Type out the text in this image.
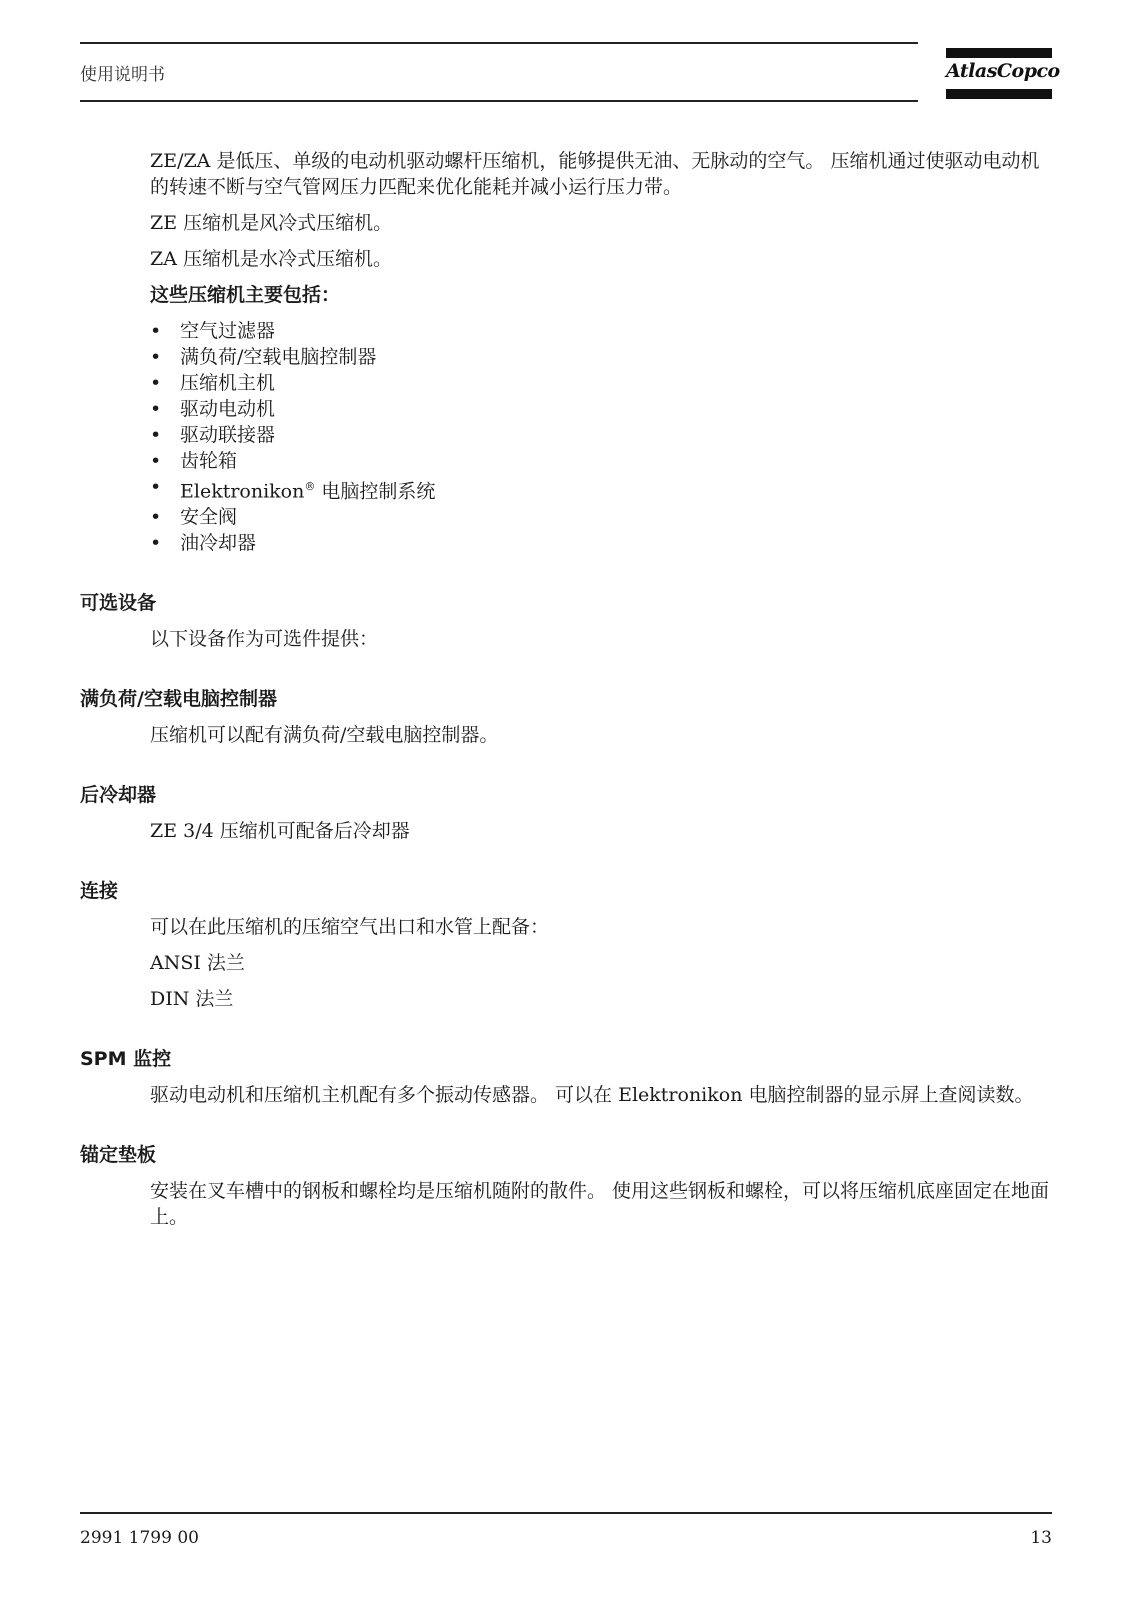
使用说明书	AtlasCopco

ZE/ZA 是低压、单级的电动机驱动螺杆压缩机，能够提供无油、无脉动的空气。 压缩机通过使驱动电动机的转速不断与空气管网压力匹配来优化能耗并减小运行压力带。

ZE 压缩机是风冷式压缩机。

ZA 压缩机是水冷式压缩机。

这些压缩机主要包括：

• 空气过滤器
• 满负荷/空载电脑控制器
• 压缩机主机
• 驱动电动机
• 驱动联接器
• 齿轮箱
• Elektronikon® 电脑控制系统
• 安全阀
• 油冷却器
可选设备

以下设备作为可选件提供：

满负荷/空载电脑控制器

压缩机可以配有满负荷/空载电脑控制器。

后冷却器

ZE 3/4 压缩机可配备后冷却器

连接

可以在此压缩机的压缩空气出口和水管上配备：

ANSI 法兰

DIN 法兰

SPM 监控

驱动电动机和压缩机主机配有多个振动传感器。 可以在 Elektronikon 电脑控制器的显示屏上查阅读数。

锚定垫板

安装在叉车槽中的钢板和螺栓均是压缩机随附的散件。 使用这些钢板和螺栓，可以将压缩机底座固定在地面上。

2991 1799 00	13
